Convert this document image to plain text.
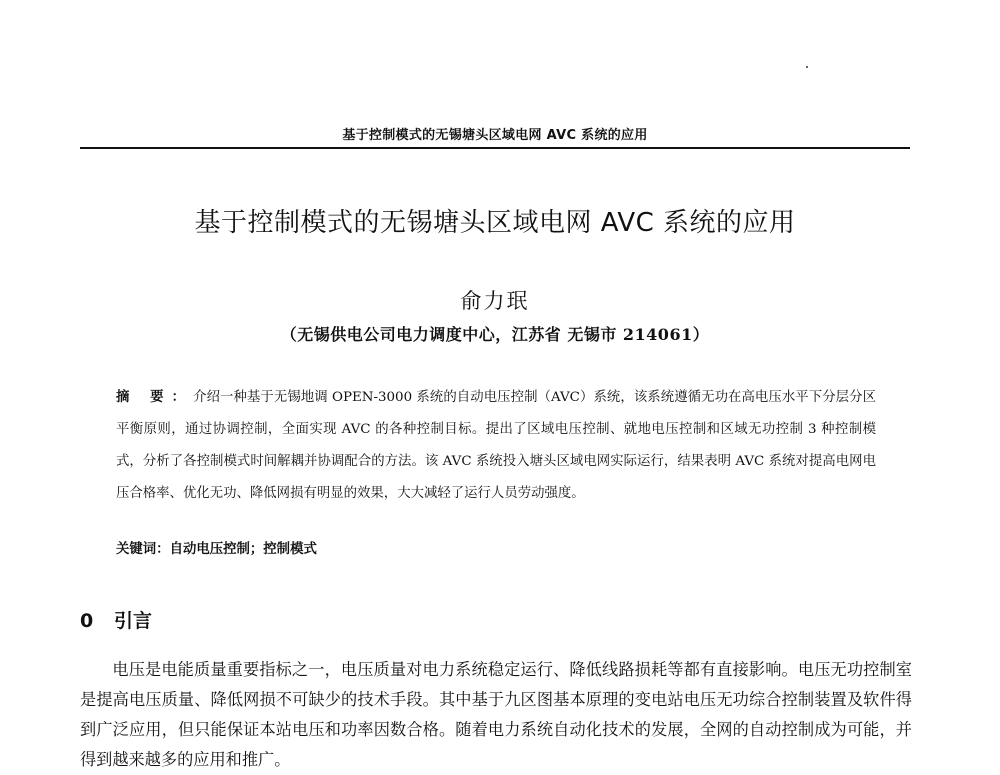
基于控制模式的无锡塘头区域电网 AVC 系统的应用
基于控制模式的无锡塘头区域电网 AVC 系统的应用
俞力珉
（无锡供电公司电力调度中心，江苏省 无锡市 214061）
摘 要：介绍一种基于无锡地调 OPEN-3000 系统的自动电压控制（AVC）系统，该系统遵循无功在高电压水平下分层分区平衡原则，通过协调控制，全面实现 AVC 的各种控制目标。提出了区域电压控制、就地电压控制和区域无功控制 3 种控制模式，分析了各控制模式时间解耦并协调配合的方法。该 AVC 系统投入塘头区域电网实际运行，结果表明 AVC 系统对提高电网电压合格率、优化无功、降低网损有明显的效果，大大减轻了运行人员劳动强度。
关键词：自动电压控制；控制模式
0 引言
电压是电能质量重要指标之一，电压质量对电力系统稳定运行、降低线路损耗等都有直接影响。电压无功控制室是提高电压质量、降低网损不可缺少的技术手段。其中基于九区图基本原理的变电站电压无功综合控制装置及软件得到广泛应用，但只能保证本站电压和功率因数合格。随着电力系统自动化技术的发展，全网的自动控制成为可能，并得到越来越多的应用和推广。
